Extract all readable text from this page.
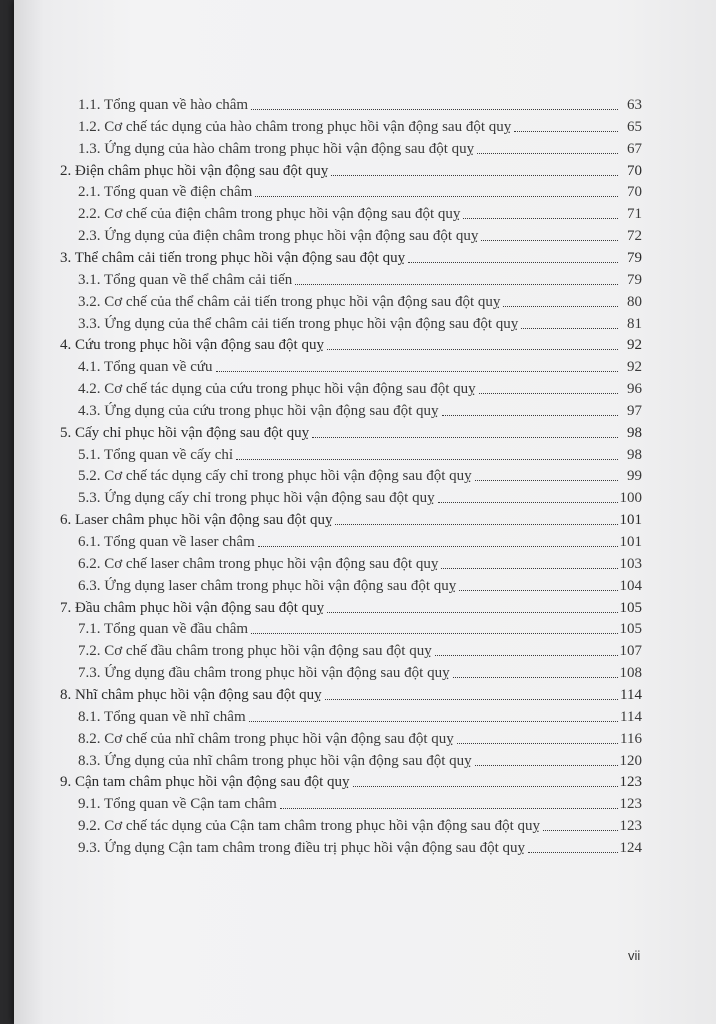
1.1. Tổng quan về hào châm	63
1.2. Cơ chế tác dụng của hào châm trong phục hồi vận động sau đột quỵ	65
1.3. Ứng dụng của hào châm trong phục hồi vận động sau đột quỵ	67
2. Điện châm phục hồi vận động sau đột quỵ	70
2.1. Tổng quan về điện châm	70
2.2. Cơ chế của điện châm trong phục hồi vận động sau đột quỵ	71
2.3. Ứng dụng của điện châm trong phục hồi vận động sau đột quỵ	72
3. Thể châm cải tiến trong phục hồi vận động sau đột quỵ	79
3.1. Tổng quan về thể châm cải tiến	79
3.2. Cơ chế của thể châm cải tiến trong phục hồi vận động sau đột quỵ	80
3.3. Ứng dụng của thể châm cải tiến trong phục hồi vận động sau đột quỵ	81
4. Cứu trong phục hồi vận động sau đột quỵ	92
4.1. Tổng quan về cứu	92
4.2. Cơ chế tác dụng của cứu trong phục hồi vận động sau đột quỵ	96
4.3. Ứng dụng của cứu trong phục hồi vận động sau đột quỵ	97
5. Cấy chỉ phục hồi vận động sau đột quỵ	98
5.1. Tổng quan về cấy chỉ	98
5.2. Cơ chế tác dụng cấy chỉ trong phục hồi vận động sau đột quỵ	99
5.3. Ứng dụng cấy chỉ trong phục hồi vận động sau đột quỵ	100
6. Laser châm phục hồi vận động sau đột quỵ	101
6.1. Tổng quan về laser châm	101
6.2. Cơ chế laser châm trong phục hồi vận động sau đột quỵ	103
6.3. Ứng dụng laser châm trong phục hồi vận động sau đột quỵ	104
7. Đầu châm phục hồi vận động sau đột quỵ	105
7.1. Tổng quan về đầu châm	105
7.2. Cơ chế đầu châm trong phục hồi vận động sau đột quỵ	107
7.3. Ứng dụng đầu châm trong phục hồi vận động sau đột quỵ	108
8. Nhĩ châm phục hồi vận động sau đột quỵ	114
8.1. Tổng quan về nhĩ châm	114
8.2. Cơ chế của nhĩ châm trong phục hồi vận động sau đột quỵ	116
8.3. Ứng dụng của nhĩ châm trong phục hồi vận động sau đột quỵ	120
9. Cận tam châm phục hồi vận động sau đột quỵ	123
9.1. Tổng quan về Cận tam châm	123
9.2. Cơ chế tác dụng của Cận tam châm trong phục hồi vận động sau đột quỵ	123
9.3. Ứng dụng Cận tam châm trong điều trị phục hồi vận động sau đột quỵ	124
vii
